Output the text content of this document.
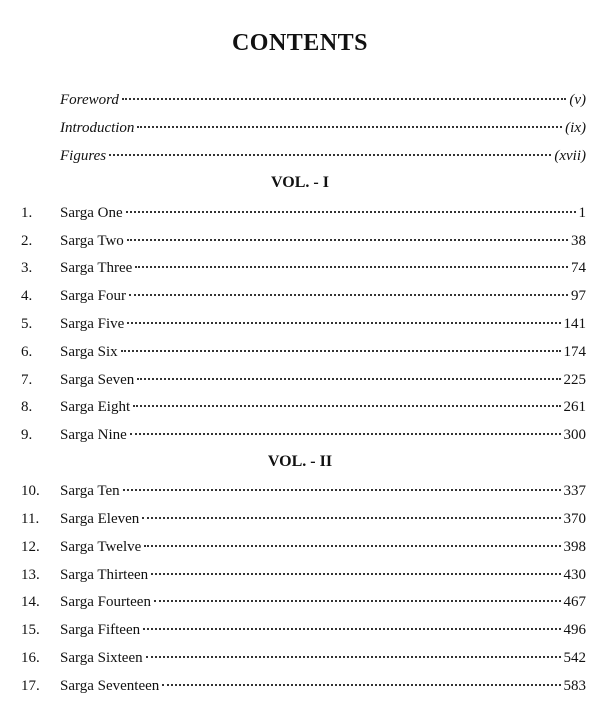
CONTENTS
Foreword	(v)
Introduction	(ix)
Figures	(xvii)
VOL. - I
1.	Sarga One	1
2.	Sarga Two	38
3.	Sarga Three	74
4.	Sarga Four	97
5.	Sarga Five	141
6.	Sarga Six	174
7.	Sarga Seven	225
8.	Sarga Eight	261
9.	Sarga Nine	300
VOL. - II
10.	Sarga Ten	337
11.	Sarga Eleven	370
12.	Sarga Twelve	398
13.	Sarga Thirteen	430
14.	Sarga Fourteen	467
15.	Sarga Fifteen	496
16.	Sarga Sixteen	542
17.	Sarga Seventeen	583
